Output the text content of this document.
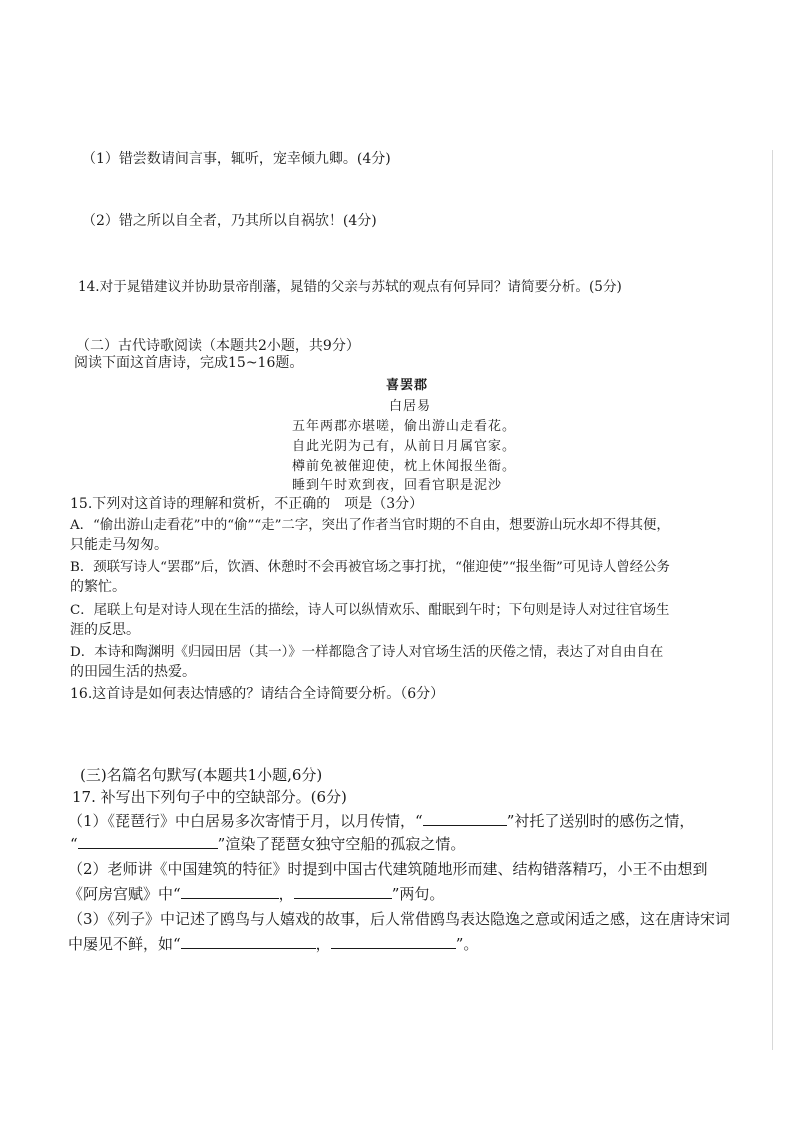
（1）错尝数请间言事，辄听，宠幸倾九卿。(4分)
（2）错之所以自全者，乃其所以自祸欤！(4分)
14.对于晁错建议并协助景帝削藩，晁错的父亲与苏轼的观点有何异同？请简要分析。(5分)
（二）古代诗歌阅读（本题共2小题，共9分）
阅读下面这首唐诗，完成15~16题。
喜罢郡
白居易
五年两郡亦堪嗟，偷出游山走看花。
自此光阴为己有，从前日月属官家。
樽前免被催迎使，枕上休闻报坐衙。
睡到午时欢到夜，回看官职是泥沙
15.下列对这首诗的理解和赏析，不正确的　项是（3分）
A．“偷出游山走看花”中的“偷”“走”二字，突出了作者当官时期的不自由，想要游山玩水却不得其便，
只能走马匆匆。
B．颈联写诗人“罢郡”后，饮酒、休憩时不会再被官场之事打扰，“催迎使”“报坐衙”可见诗人曾经公务
的繁忙。
C．尾联上句是对诗人现在生活的描绘，诗人可以纵情欢乐、酣眠到午时；下句则是诗人对过往官场生
涯的反思。
D．本诗和陶渊明《归园田居（其一）》一样都隐含了诗人对官场生活的厌倦之情，表达了对自由自在
的田园生活的热爱。
16.这首诗是如何表达情感的？请结合全诗简要分析。（6分）
(三)名篇名句默写(本题共1小题,6分)
17. 补写出下列句子中的空缺部分。(6分)
（1）《琵琶行》中白居易多次寄情于月，以月传情，“	”衬托了送别时的感伤之情，
“	”渲染了琵琶女独守空船的孤寂之情。
（2）老师讲《中国建筑的特征》时提到中国古代建筑随地形而建、结构错落精巧，小王不由想到
《阿房宫赋》中“	，	”两句。
（3）《列子》中记述了鸥鸟与人嬉戏的故事，后人常借鸥鸟表达隐逸之意或闲适之感，这在唐诗宋词
中屡见不鲜，如“	，	”。
